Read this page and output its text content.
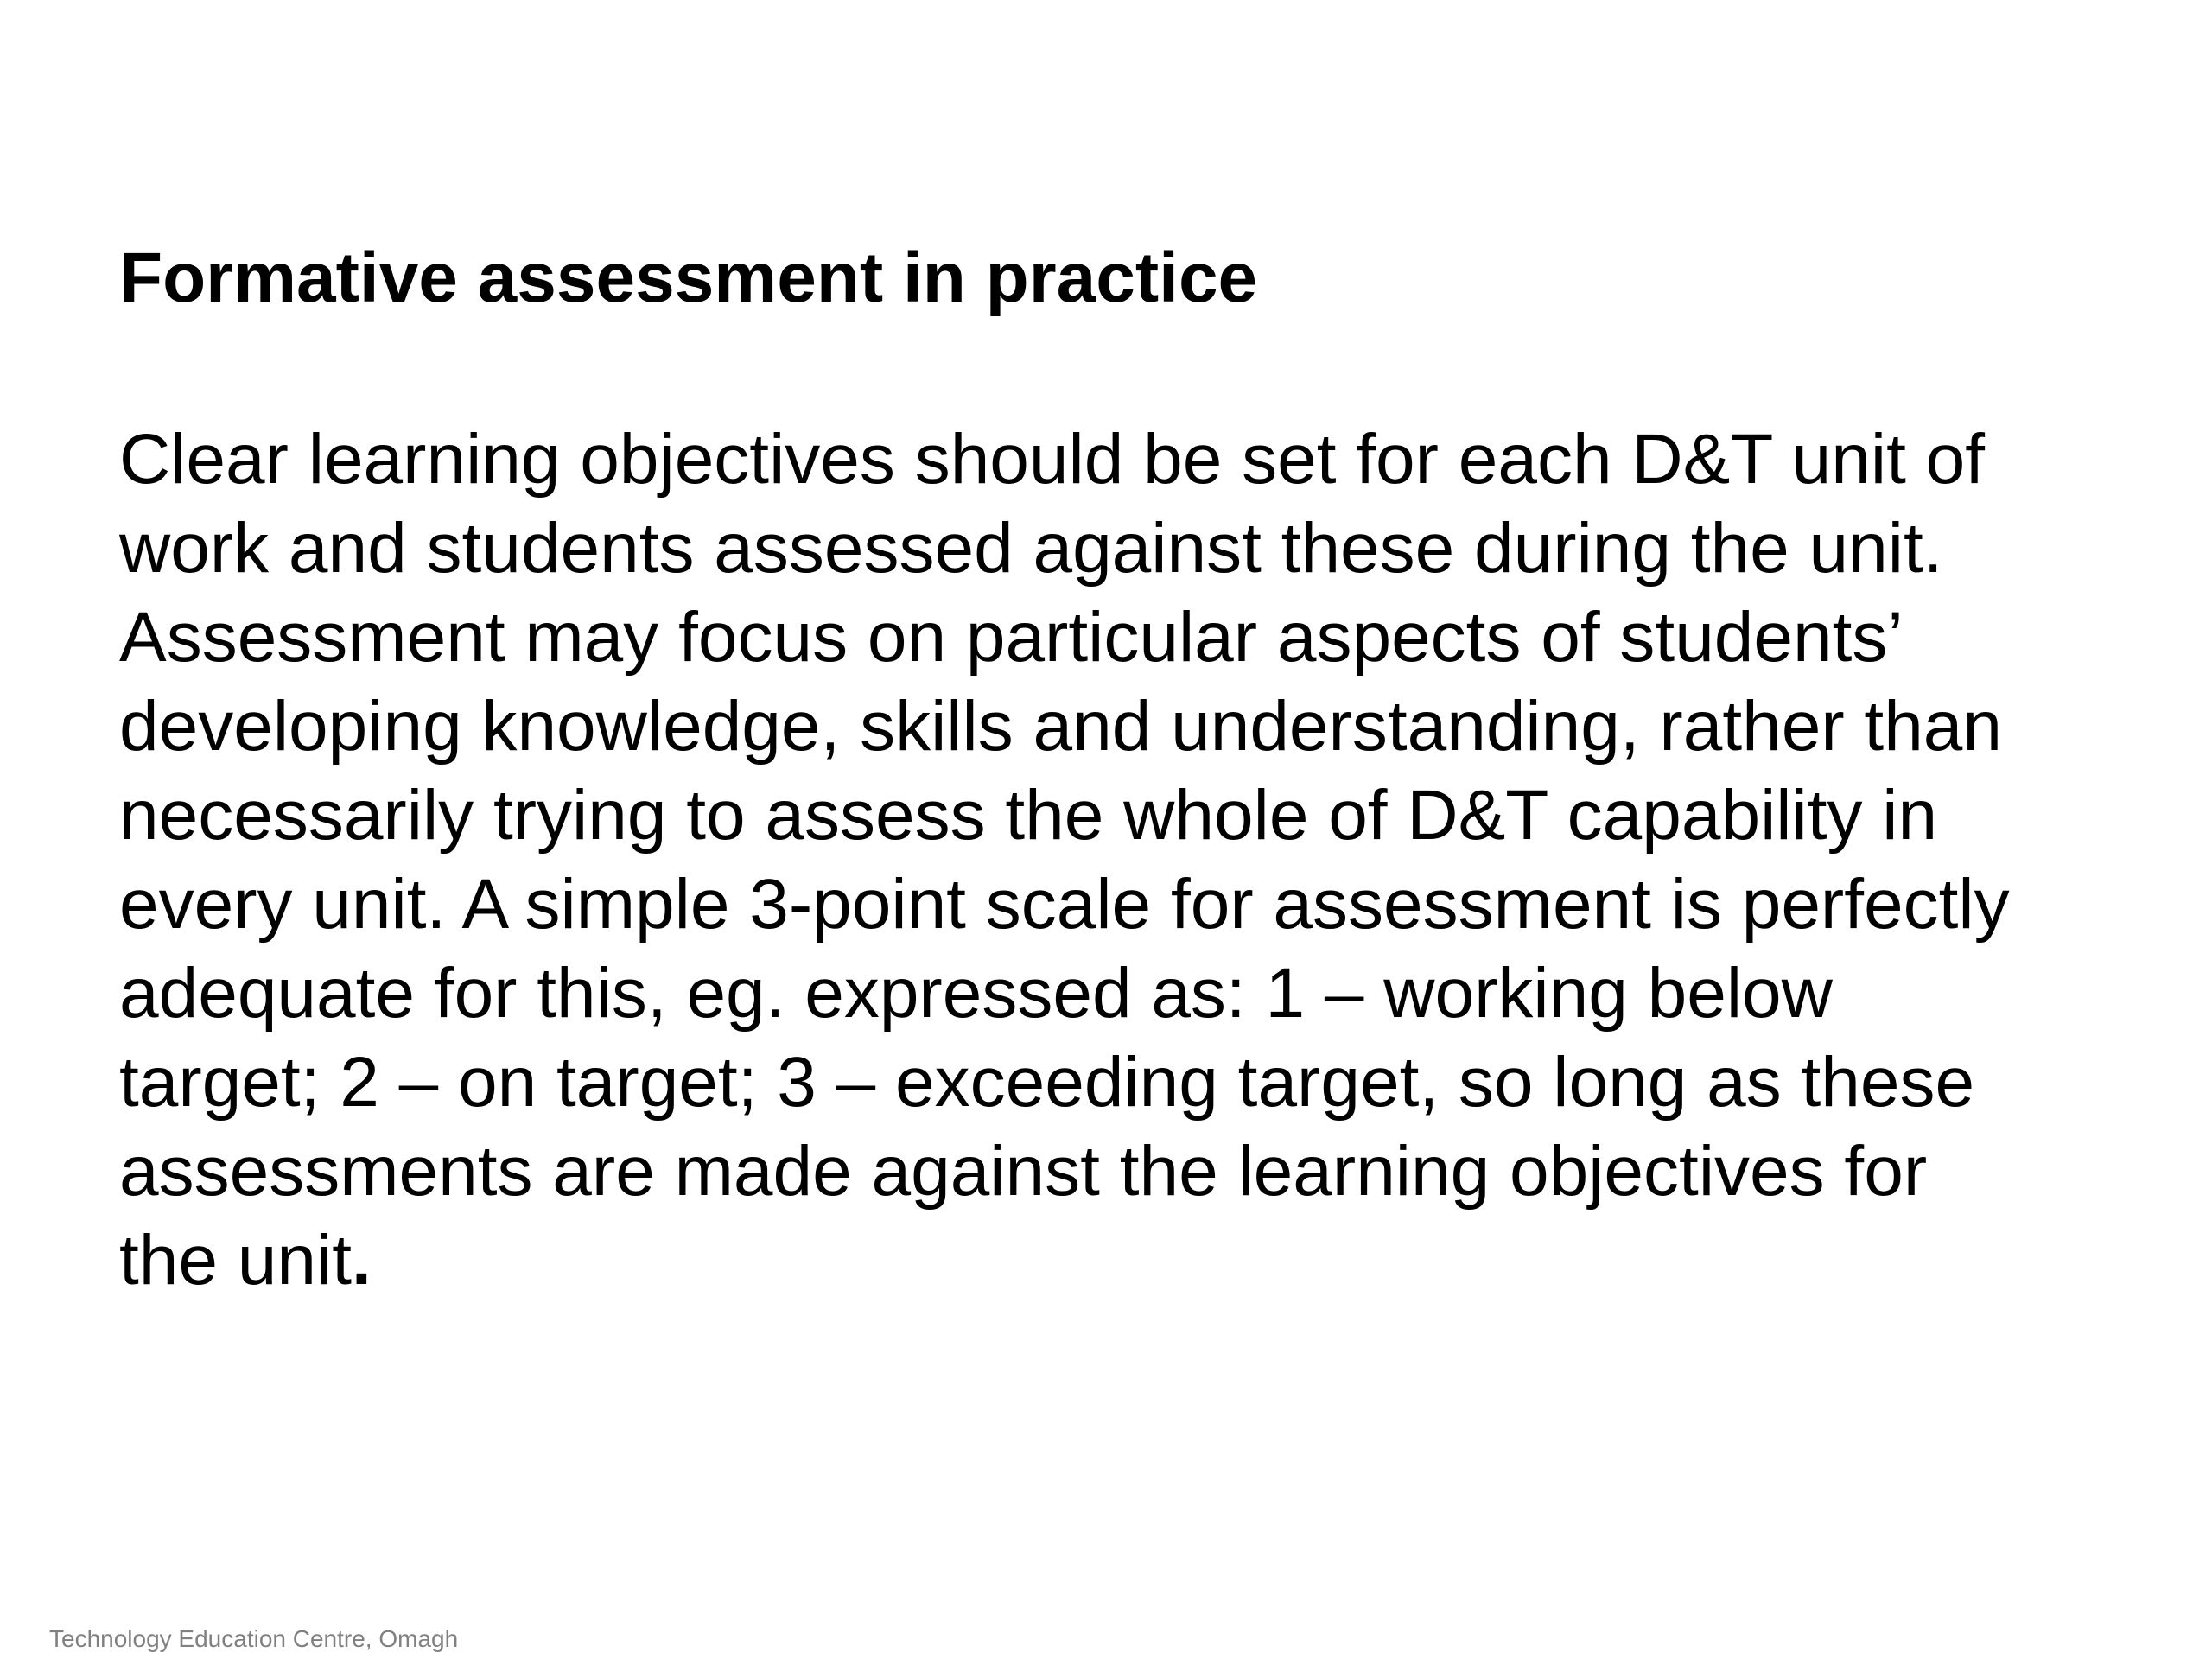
Formative assessment in practice

Clear learning objectives should be set for each D&T unit of
work and students assessed against these during the unit.
Assessment may focus on particular aspects of students’
developing knowledge, skills and understanding, rather than
necessarily trying to assess the whole of D&T capability in
every unit. A simple 3-point scale for assessment is perfectly
adequate for this, eg. expressed as: 1 – working below
target; 2 – on target; 3 – exceeding target, so long as these
assessments are made against the learning objectives for
the unit.

Technology Education Centre, Omagh
